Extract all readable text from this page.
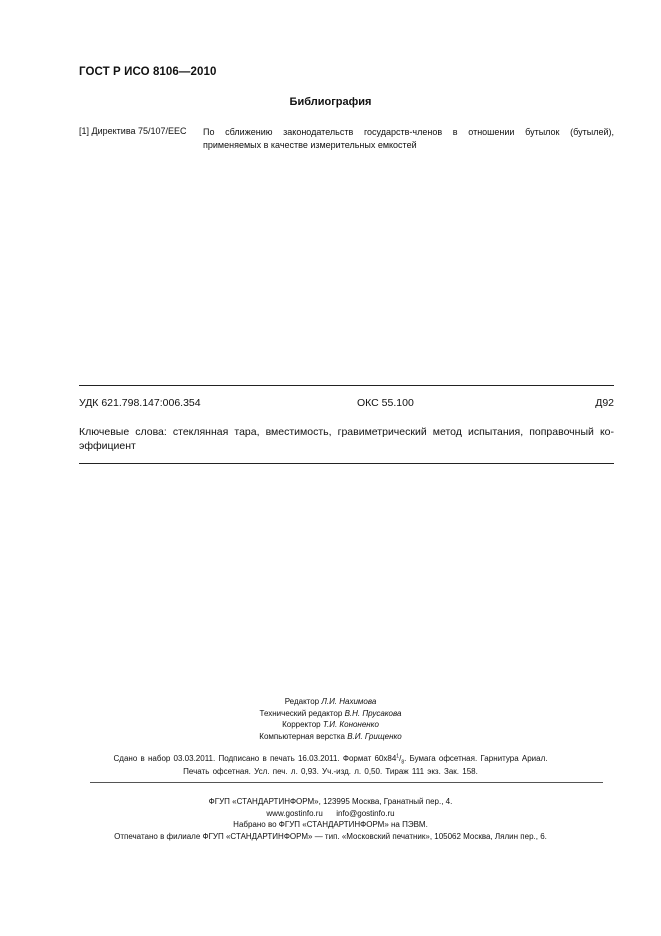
ГОСТ Р ИСО 8106—2010
Библиография
[1] Директива 75/107/ЕЕС По сближению законодательств государств-членов в отношении бутылок (бутылей), применяемых в качестве измерительных емкостей
УДК 621.798.147:006.354	ОКС 55.100	Д92
Ключевые слова: стеклянная тара, вместимость, гравиметрический метод испытания, поправочный ко-эффициент
Редактор Л.И. Нахимова
Технический редактор В.Н. Прусакова
Корректор Т.И. Кононенко
Компьютерная верстка В.И. Грищенко
Сдано в набор 03.03.2011. Подписано в печать 16.03.2011. Формат $60х84^1/_8$. Бумага офсетная. Гарнитура Ариал.
Печать офсетная. Усл. печ. л. 0,93. Уч.-изд. л. 0,50. Тираж 111 экз. Зак. 158.
ФГУП «СТАНДАРТИНФОРМ», 123995 Москва, Гранатный пер., 4.
www.gostinfo.ru info@gostinfo.ru
Набрано во ФГУП «СТАНДАРТИНФОРМ» на ПЭВМ.
Отпечатано в филиале ФГУП «СТАНДАРТИНФОРМ» — тип. «Московский печатник», 105062 Москва, Лялин пер., 6.
